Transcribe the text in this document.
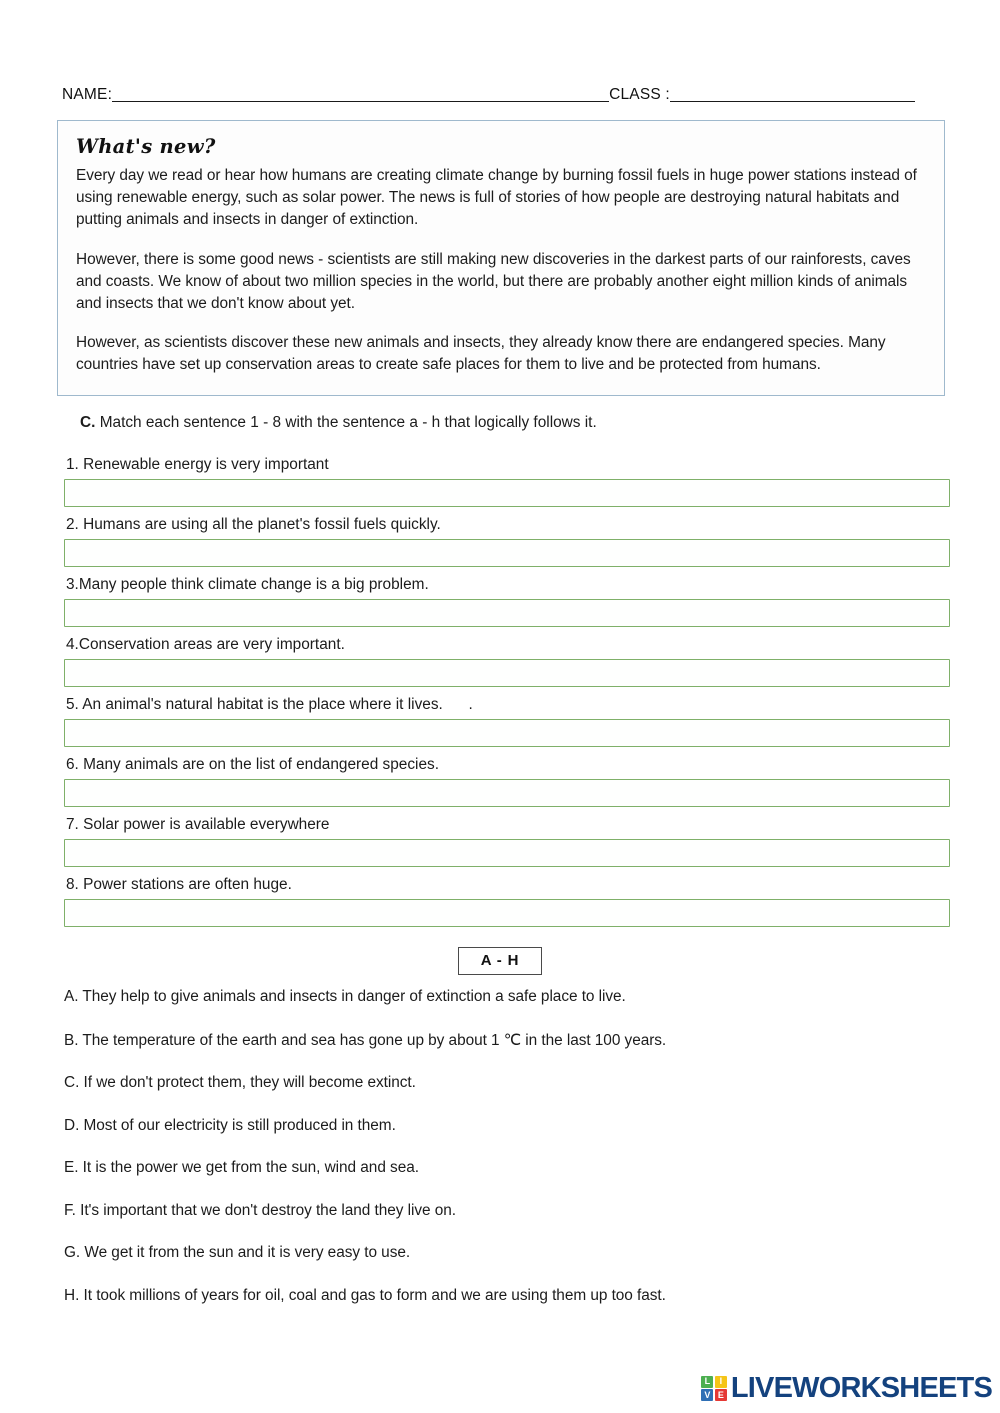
NAME:	CLASS :
What's new?

Every day we read or hear how humans are creating climate change by burning fossil fuels in huge power stations instead of using renewable energy, such as solar power. The news is full of stories of how people are destroying natural habitats and putting animals and insects in danger of extinction.

However, there is some good news - scientists are still making new discoveries in the darkest parts of our rainforests, caves and coasts. We know of about two million species in the world, but there are probably another eight million kinds of animals and insects that we don't know about yet.

However, as scientists discover these new animals and insects, they already know there are endangered species. Many countries have set up conservation areas to create safe places for them to live and be protected from humans.

C. Match each sentence 1 - 8 with the sentence a - h that logically follows it.
1. Renewable energy is very important
2. Humans are using all the planet's fossil fuels quickly.
3.Many people think climate change is a big problem.
4.Conservation areas are very important.
5. An animal's natural habitat is the place where it lives.      .
6. Many animals are on the list of endangered species.
7. Solar power is available everywhere
8. Power stations are often huge.
A - H

A. They help to give animals and insects in danger of extinction a safe place to live.

B. The temperature of the earth and sea has gone up by about 1 ℃ in the last 100 years.

C. If we don't protect them, they will become extinct.

D. Most of our electricity is still produced in them.

E. It is the power we get from the sun, wind and sea.

F. It's important that we don't destroy the land they live on.

G. We get it from the sun and it is very easy to use.

H. It took millions of years for oil, coal and gas to form and we are using them up too fast.

L	I
V E LIVEWORKSHEETS
